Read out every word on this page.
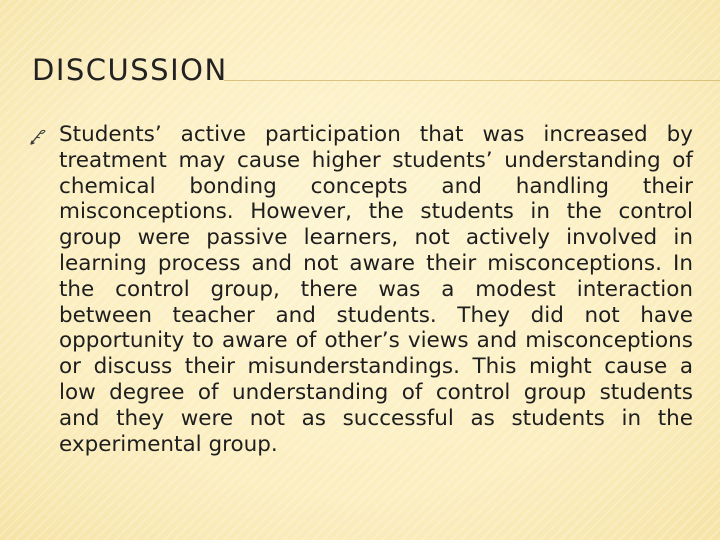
DISCUSSION

Students’ active participation that was increased by treatment may cause higher students’ understanding of chemical bonding concepts and handling their misconceptions. However, the students in the control group were passive learners, not actively involved in learning process and not aware their misconceptions. In the control group, there was a modest interaction between teacher and students. They did not have opportunity to aware of other’s views and misconceptions or discuss their misunderstandings. This might cause a low degree of understanding of control group students and they were not as successful as students in the experimental group.
